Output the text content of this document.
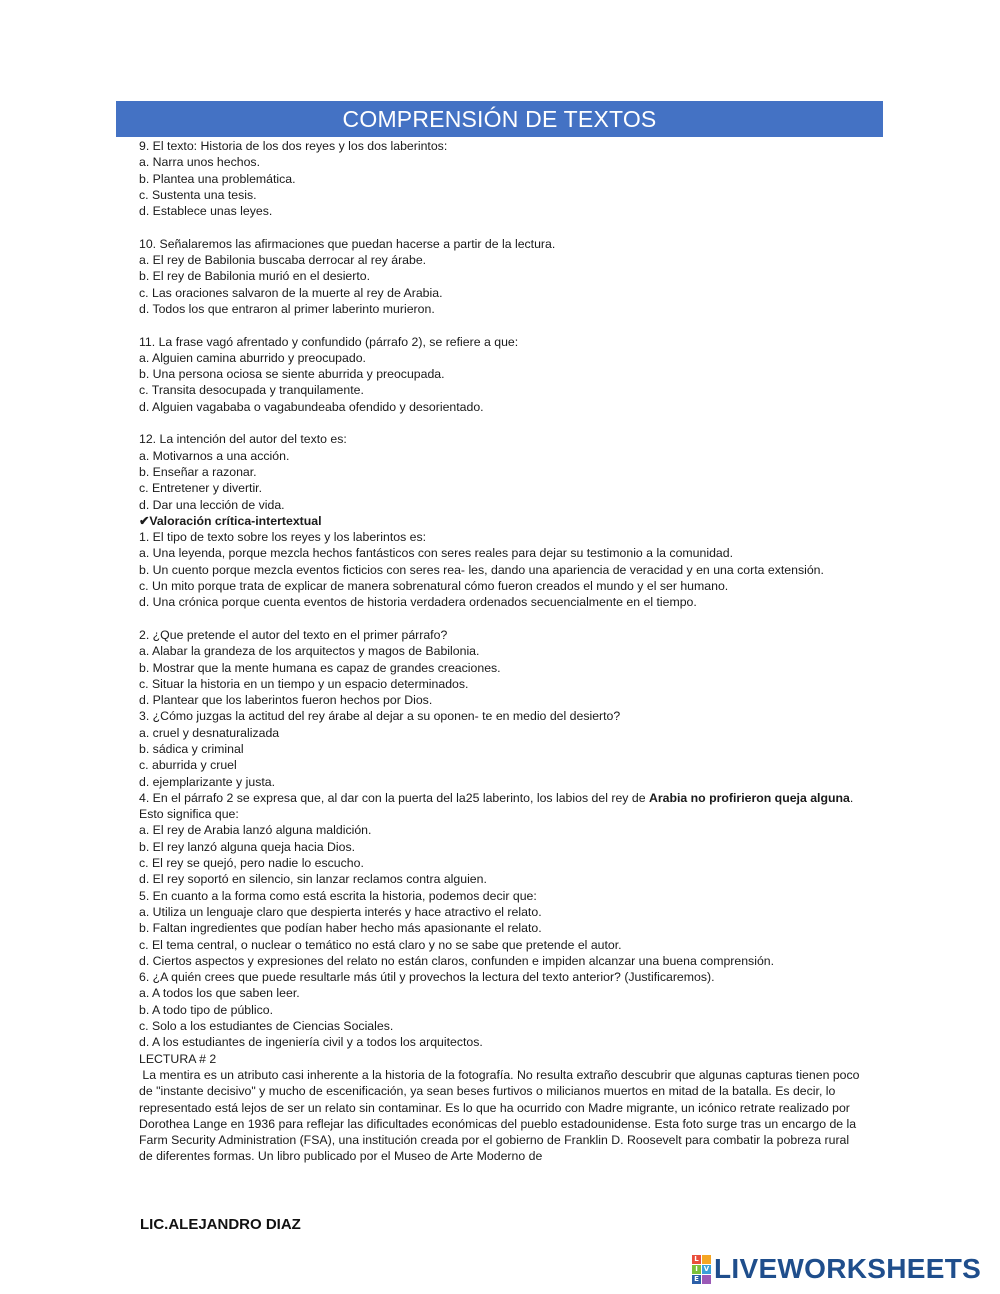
COMPRENSIÓN DE TEXTOS

9. El texto: Historia de los dos reyes y los dos laberintos:

a. Narra unos hechos.

b. Plantea una problemática.

c. Sustenta una tesis.

d. Establece unas leyes.

10. Señalaremos las afirmaciones que puedan hacerse a partir de la lectura.

a. El rey de Babilonia buscaba derrocar al rey árabe.

b. El rey de Babilonia murió en el desierto.

c. Las oraciones salvaron de la muerte al rey de Arabia.

d. Todos los que entraron al primer laberinto murieron.

11. La frase vagó afrentado y confundido (párrafo 2), se refiere a que:

a. Alguien camina aburrido y preocupado.

b. Una persona ociosa se siente aburrida y preocupada.

c. Transita desocupada y tranquilamente.

d. Alguien vagababa o vagabundeaba ofendido y desorientado.

12. La intención del autor del texto es:

a. Motivarnos a una acción.

b. Enseñar a razonar.

c. Entretener y divertir.

d. Dar una lección de vida.

✔Valoración crítica-intertextual

1. El tipo de texto sobre los reyes y los laberintos es:

a. Una leyenda, porque mezcla hechos fantásticos con seres reales para dejar su testimonio a la comunidad.

b. Un cuento porque mezcla eventos ficticios con seres rea- les, dando una apariencia de veracidad y en una corta extensión.

c. Un mito porque trata de explicar de manera sobrenatural cómo fueron creados el mundo y el ser humano.

d. Una crónica porque cuenta eventos de historia verdadera ordenados secuencialmente en el tiempo.

2. ¿Que pretende el autor del texto en el primer párrafo?

a. Alabar la grandeza de los arquitectos y magos de Babilonia.

b. Mostrar que la mente humana es capaz de grandes creaciones.

c. Situar la historia en un tiempo y un espacio determinados.

d. Plantear que los laberintos fueron hechos por Dios.

3. ¿Cómo juzgas la actitud del rey árabe al dejar a su oponen- te en medio del desierto?

a. cruel y desnaturalizada

b. sádica y criminal

c. aburrida y cruel

d. ejemplarizante y justa.

4. En el párrafo 2 se expresa que, al dar con la puerta del la25 laberinto, los labios del rey de Arabia no profirieron queja alguna. Esto significa que:

a. El rey de Arabia lanzó alguna maldición.

b. El rey lanzó alguna queja hacia Dios.

c. El rey se quejó, pero nadie lo escucho.

d. El rey soportó en silencio, sin lanzar reclamos contra alguien.

5. En cuanto a la forma como está escrita la historia, podemos decir que:

a. Utiliza un lenguaje claro que despierta interés y hace atractivo el relato.

b. Faltan ingredientes que podían haber hecho más apasionante el relato.

c. El tema central, o nuclear o temático no está claro y no se sabe que pretende el autor.

d. Ciertos aspectos y expresiones del relato no están claros, confunden e impiden alcanzar una buena comprensión.

6. ¿A quién crees que puede resultarle más útil y provechos la lectura del texto anterior? (Justificaremos).

a. A todos los que saben leer.

b. A todo tipo de público.

c. Solo a los estudiantes de Ciencias Sociales.

d. A los estudiantes de ingeniería civil y a todos los arquitectos.

LECTURA # 2

La mentira es un atributo casi inherente a la historia de la fotografía. No resulta extraño descubrir que algunas capturas tienen poco de "instante decisivo" y mucho de escenificación, ya sean beses furtivos o milicianos muertos en mitad de la batalla. Es decir, lo representado está lejos de ser un relato sin contaminar. Es lo que ha ocurrido con Madre migrante, un icónico retrate realizado por Dorothea Lange en 1936 para reflejar las dificultades económicas del pueblo estadounidense. Esta foto surge tras un encargo de la Farm Security Administration (FSA), una institución creada por el gobierno de Franklin D. Roosevelt para combatir la pobreza rural de diferentes formas. Un libro publicado por el Museo de Arte Moderno de

LIC.ALEJANDRO DIAZ
L
I V
E LIVEWORKSHEETS
